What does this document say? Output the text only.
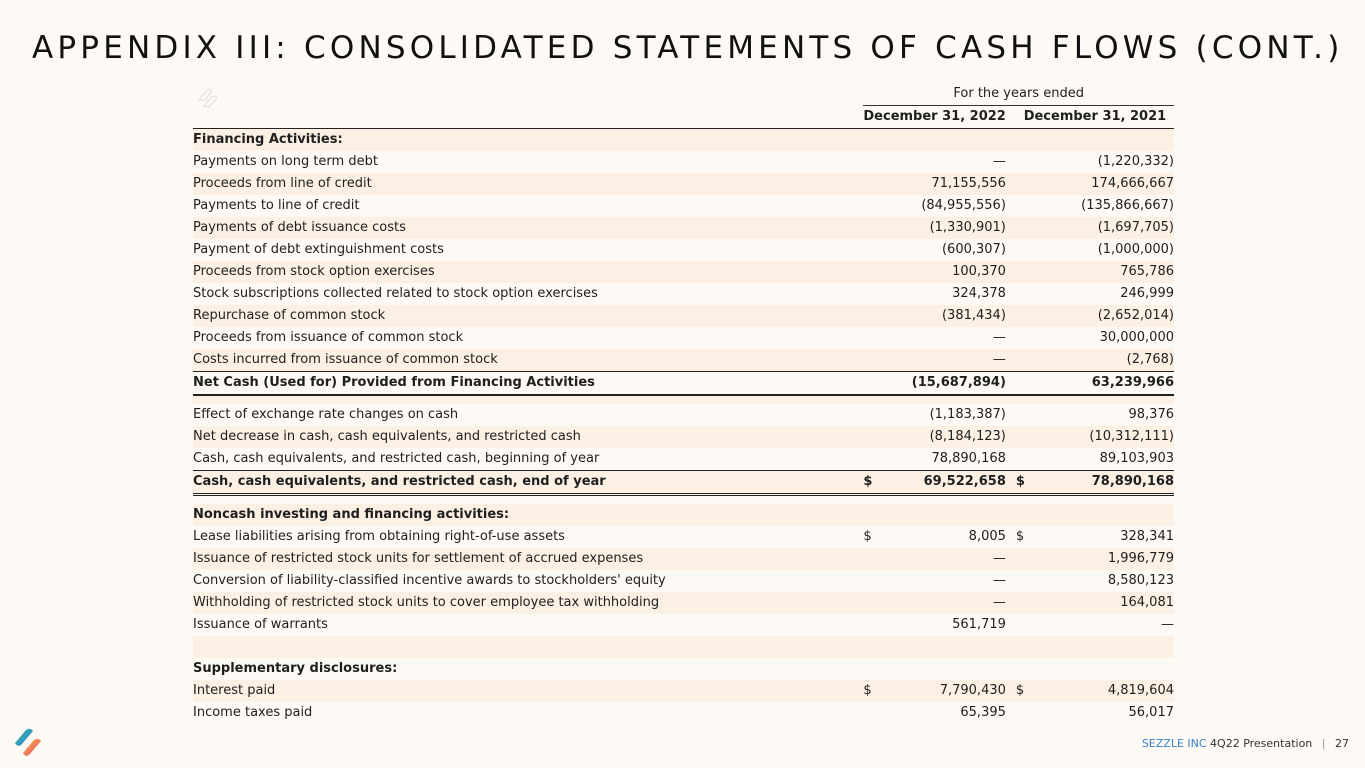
APPENDIX III: CONSOLIDATED STATEMENTS OF CASH FLOWS (CONT.)
	For the years ended				
	December 31, 2022			December 31, 2021	
Financing Activities:					
Payments on long term debt		—			(1,220,332)
Proceeds from line of credit		71,155,556			174,666,667
Payments to line of credit		(84,955,556)			(135,866,667)
Payments of debt issuance costs		(1,330,901)			(1,697,705)
Payment of debt extinguishment costs		(600,307)			(1,000,000)
Proceeds from stock option exercises		100,370			765,786
Stock subscriptions collected related to stock option exercises		324,378			246,999
Repurchase of common stock		(381,434)			(2,652,014)
Proceeds from issuance of common stock		—			30,000,000
Costs incurred from issuance of common stock		—			(2,768)
Net Cash (Used for) Provided from Financing Activities		(15,687,894)			63,239,966

Effect of exchange rate changes on cash		(1,183,387)			98,376
Net decrease in cash, cash equivalents, and restricted cash		(8,184,123)			(10,312,111)
Cash, cash equivalents, and restricted cash, beginning of year		78,890,168			89,103,903
Cash, cash equivalents, and restricted cash, end of year	$	69,522,658		$	78,890,168

Noncash investing and financing activities:					
Lease liabilities arising from obtaining right-of-use assets	$	8,005		$	328,341
Issuance of restricted stock units for settlement of accrued expenses		—			1,996,779
Conversion of liability-classified incentive awards to stockholders' equity		—			8,580,123
Withholding of restricted stock units to cover employee tax withholding		—			164,081
Issuance of warrants		561,719			—

Supplementary disclosures:					
Interest paid	$	7,790,430		$	4,819,604
Income taxes paid		65,395			56,017
SEZZLE INC 4Q22 Presentation | 27
